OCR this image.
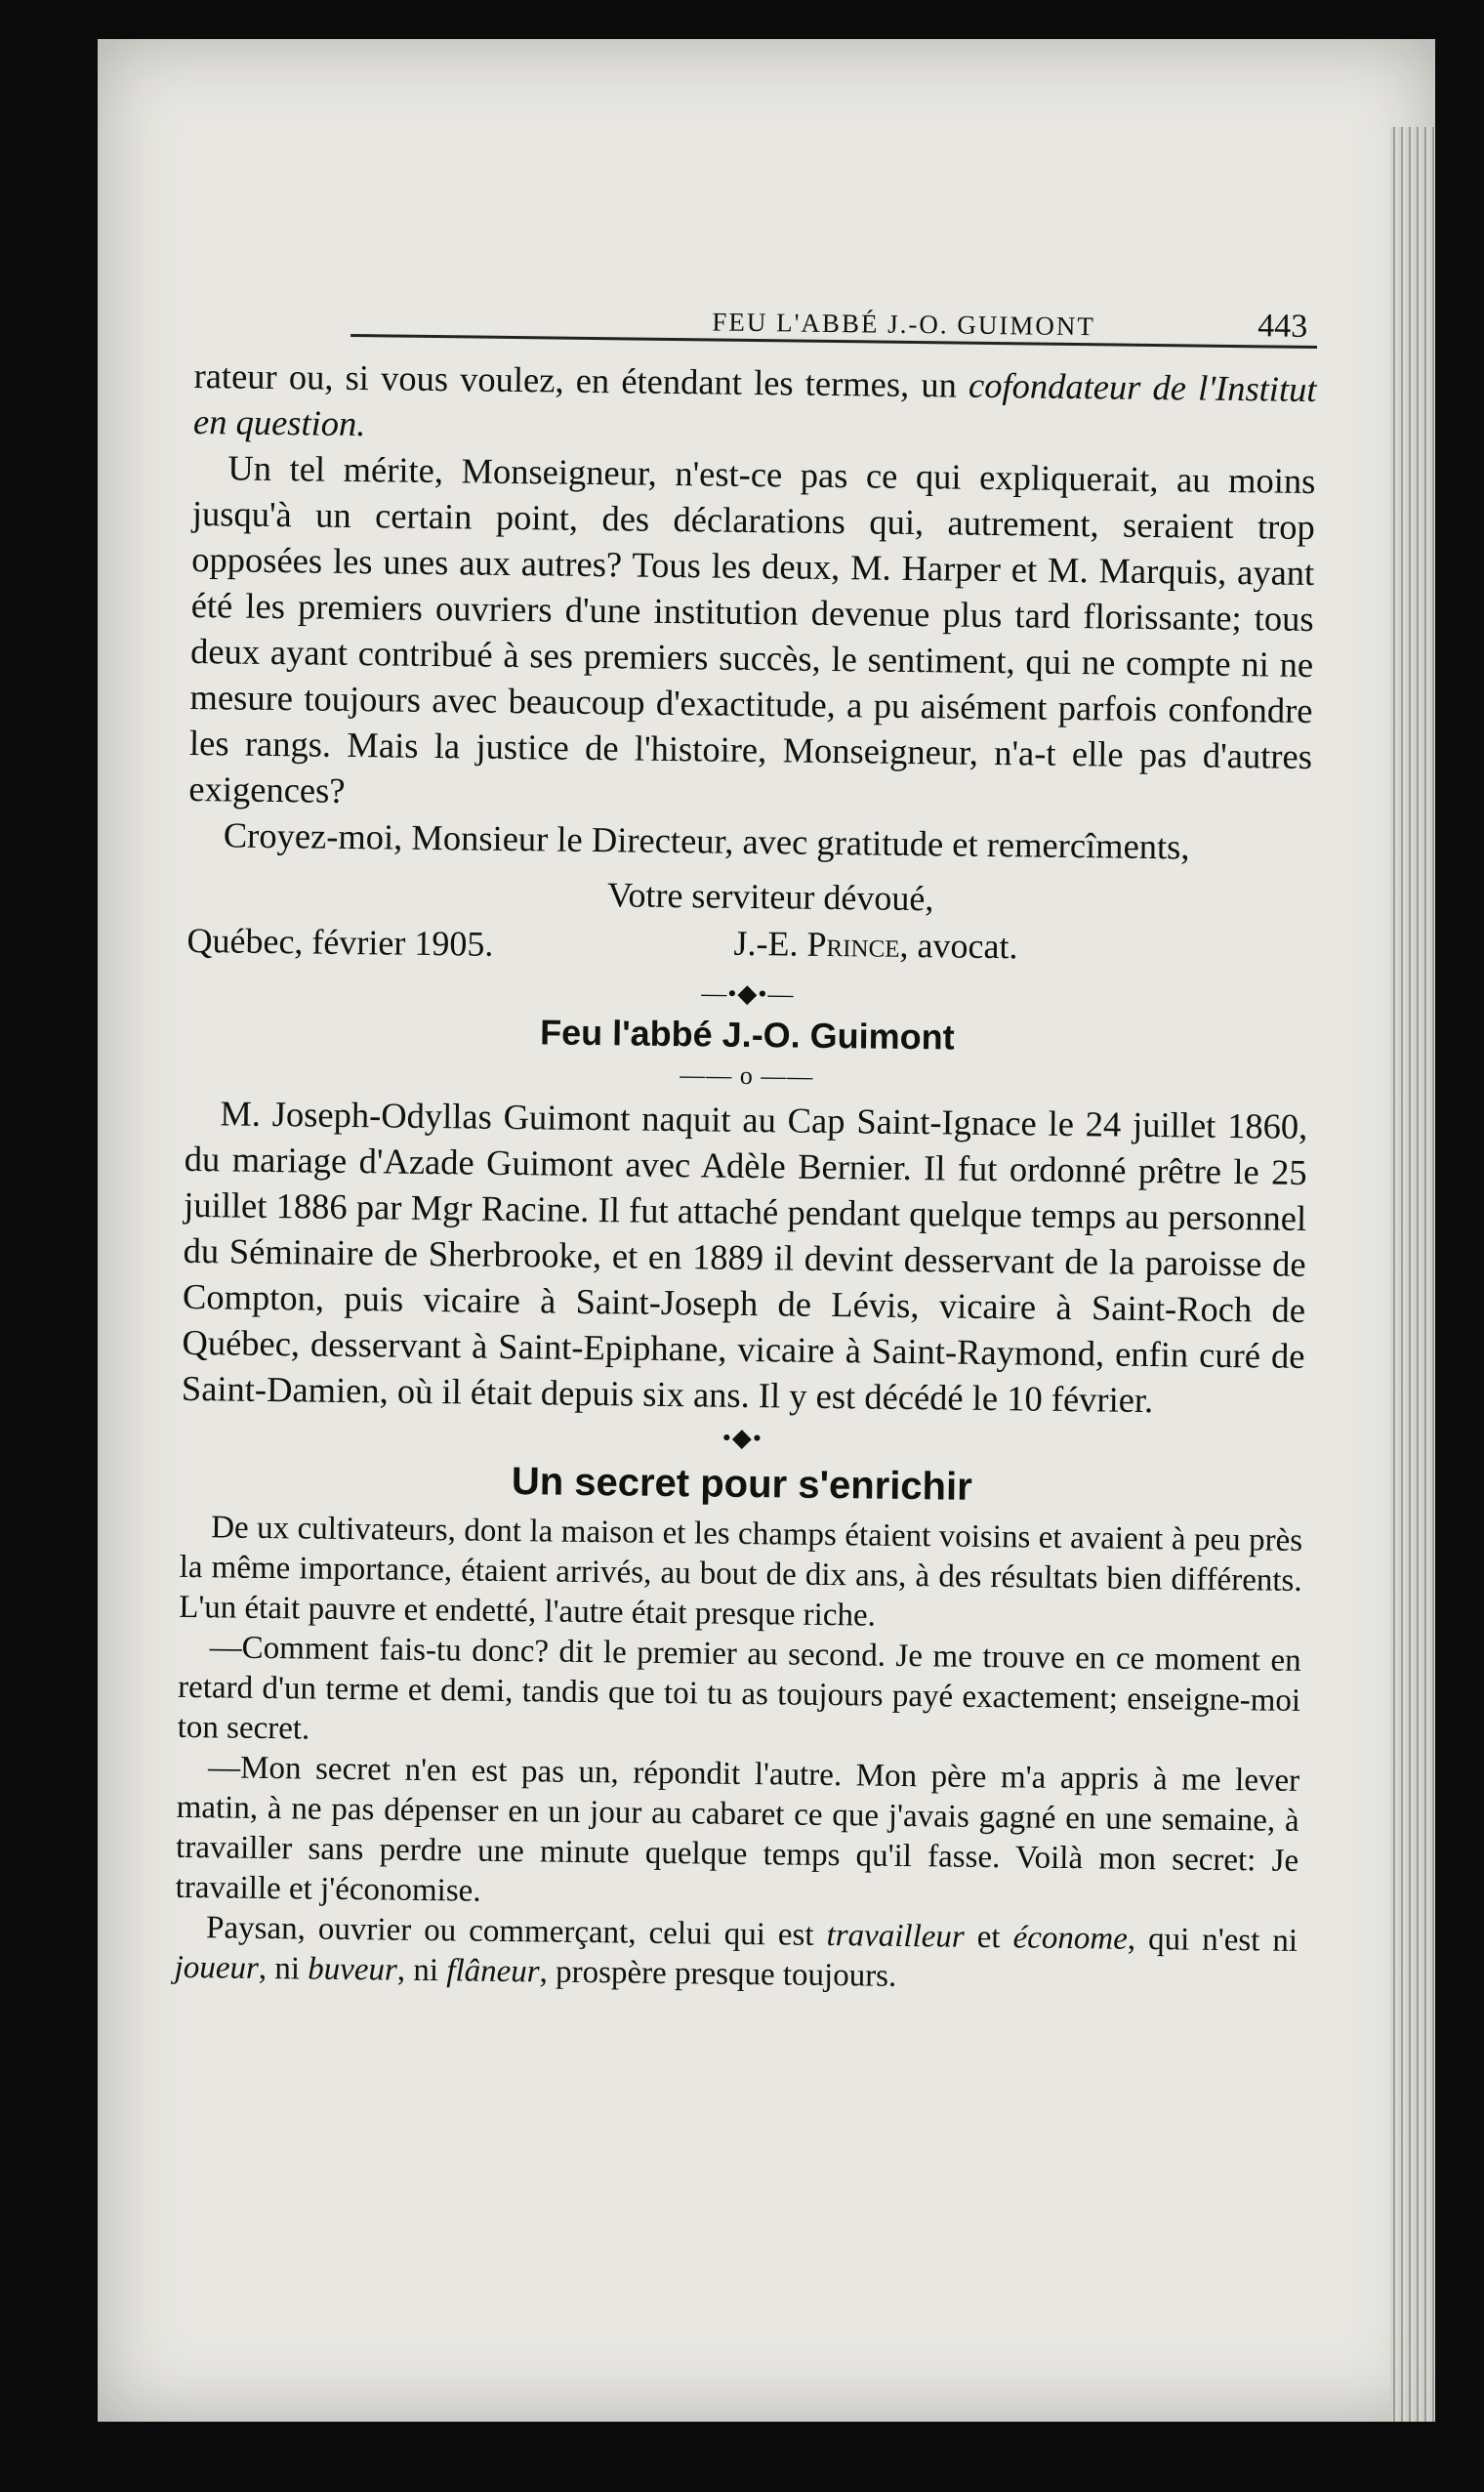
FEU L'ABBÉ J.-O. GUIMONT	443

rateur ou, si vous voulez, en étendant les termes, un cofondateur de l'Institut en question.

Un tel mérite, Monseigneur, n'est-ce pas ce qui expliquerait, au moins jusqu'à un certain point, des déclarations qui, autrement, seraient trop opposées les unes aux autres? Tous les deux, M. Harper et M. Marquis, ayant été les premiers ouvriers d'une institution devenue plus tard florissante; tous deux ayant contribué à ses premiers succès, le sentiment, qui ne compte ni ne mesure toujours avec beaucoup d'exactitude, a pu aisément parfois confondre les rangs. Mais la justice de l'histoire, Monseigneur, n'a-t elle pas d'autres exigences?

Croyez-moi, Monsieur le Directeur, avec gratitude et remercîments,

Votre serviteur dévoué,
Québec, février 1905.	J.-E. Prince, avocat.
—•◆•—
Feu l'abbé J.-O. Guimont
—— o ——

M. Joseph-Odyllas Guimont naquit au Cap Saint-Ignace le 24 juillet 1860, du mariage d'Azade Guimont avec Adèle Bernier. Il fut ordonné prêtre le 25 juillet 1886 par Mgr Racine. Il fut attaché pendant quelque temps au personnel du Séminaire de Sherbrooke, et en 1889 il devint desservant de la paroisse de Compton, puis vicaire à Saint-Joseph de Lévis, vicaire à Saint-Roch de Québec, desservant à Saint-Epiphane, vicaire à Saint-Raymond, enfin curé de Saint-Damien, où il était depuis six ans. Il y est décédé le 10 février.

•◆•
Un secret pour s'enrichir

De ux cultivateurs, dont la maison et les champs étaient voisins et avaient à peu près la même importance, étaient arrivés, au bout de dix ans, à des résultats bien différents. L'un était pauvre et endetté, l'autre était presque riche.

—Comment fais-tu donc? dit le premier au second. Je me trouve en ce moment en retard d'un terme et demi, tandis que toi tu as toujours payé exactement; enseigne-moi ton secret.

—Mon secret n'en est pas un, répondit l'autre. Mon père m'a appris à me lever matin, à ne pas dépenser en un jour au cabaret ce que j'avais gagné en une semaine, à travailler sans perdre une minute quelque temps qu'il fasse. Voilà mon secret: Je travaille et j'économise.

Paysan, ouvrier ou commerçant, celui qui est travailleur et économe, qui n'est ni joueur, ni buveur, ni flâneur, prospère presque toujours.
